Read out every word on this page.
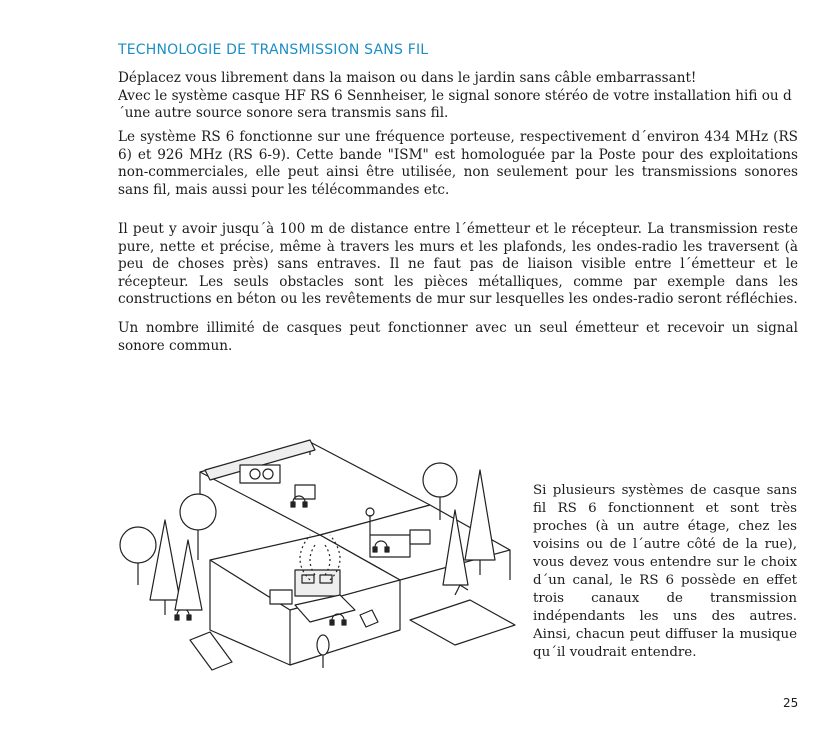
TECHNOLOGIE DE TRANSMISSION SANS FIL

Déplacez vous librement dans la maison ou dans le jardin sans câble embarrassant!
Avec le système casque HF RS 6 Sennheiser, le signal sonore stéréo de votre installation hifi ou d´une autre source sonore sera transmis sans fil.

Le système RS 6 fonctionne sur une fréquence porteuse, respectivement d´environ 434 MHz (RS 6) et 926 MHz (RS 6-9). Cette bande "ISM" est homologuée par la Poste pour des exploitations non-commerciales, elle peut ainsi être utilisée, non seulement pour les transmissions sonores sans fil, mais aussi pour les télécommandes etc.

Il peut y avoir jusqu´à 100 m de distance entre l´émetteur et le récepteur. La transmission reste pure, nette et précise, même à travers les murs et les plafonds, les ondes-radio les traversent (à peu de choses près) sans entraves. Il ne faut pas de liaison visible entre l´émetteur et le récepteur. Les seuls obstacles sont les pièces métalliques, comme par exemple dans les constructions en béton ou les revêtements de mur sur lesquelles les ondes-radio seront réfléchies.

Un nombre illimité de casques peut fonctionner avec un seul émetteur et recevoir un signal sonore commun.

Si plusieurs systèmes de casque sans fil RS 6 fonctionnent et sont très proches (à un autre étage, chez les voisins ou de l´autre côté de la rue), vous devez vous entendre sur le choix d´un canal, le RS 6 possède en effet trois canaux de transmission indépendants les uns des autres. Ainsi, chacun peut diffuser la musique qu´il voudrait entendre.

25
